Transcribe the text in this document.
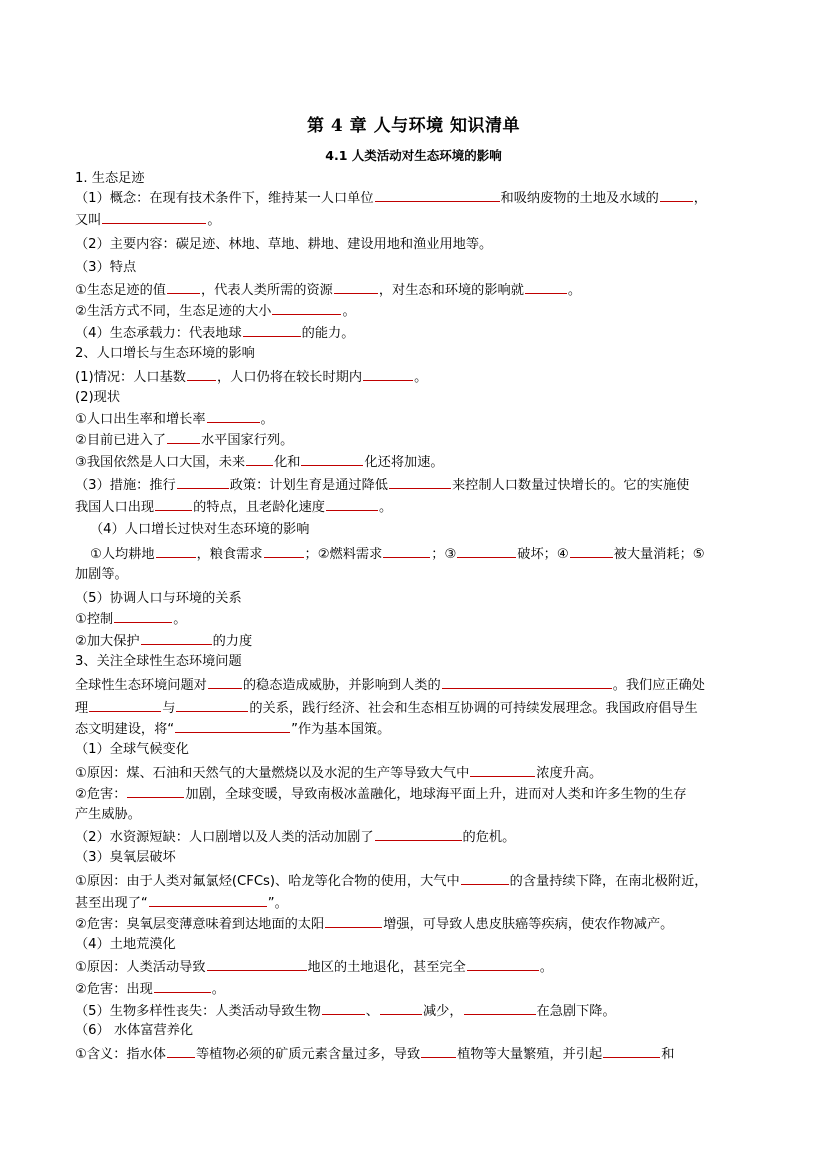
第 4 章 人与环境 知识清单
4.1 人类活动对生态环境的影响
1. 生态足迹
（1）概念：在现有技术条件下，维持某一人口单位	和吸纳废物的土地及水域的	，
又叫	。
（2）主要内容：碳足迹、林地、草地、耕地、建设用地和渔业用地等。
（3）特点
①生态足迹的值	，代表人类所需的资源	，对生态和环境的影响就	。
②生活方式不同，生态足迹的大小	。
（4）生态承载力：代表地球	的能力。
2、人口增长与生态环境的影响
(1)情况：人口基数 ，人口仍将在较长时期内	。
(2)现状
①人口出生率和增长率	。
②目前已进入了	水平国家行列。
③我国依然是人口大国，未来 化和	化还将加速。
（3）措施：推行	政策：计划生育是通过降低	来控制人口数量过快增长的。它的实施使
我国人口出现	的特点，且老龄化速度	。
（4）人口增长过快对生态环境的影响
①人均耕地	，粮食需求	；②燃料需求	；③	破坏；④	被大量消耗；⑤
加剧等。
（5）协调人口与环境的关系
①控制	。
②加大保护	的力度
3、关注全球性生态环境问题
全球性生态环境问题对	的稳态造成威胁，并影响到人类的	。我们应正确处
理	与	的关系，践行经济、社会和生态相互协调的可持续发展理念。我国政府倡导生
态文明建设，将“	”作为基本国策。
（1）全球气候变化
①原因：煤、石油和天然气的大量燃烧以及水泥的生产等导致大气中	浓度升高。
②危害：	加剧，全球变暖，导致南极冰盖融化，地球海平面上升，进而对人类和许多生物的生存
产生威胁。
（2）水资源短缺：人口剧增以及人类的活动加剧了	的危机。
（3）臭氧层破坏
①原因：由于人类对氟氯烃(CFCs)、哈龙等化合物的使用，大气中	的含量持续下降，在南北极附近，
甚至出现了“	”。
②危害：臭氧层变薄意味着到达地面的太阳	增强，可导致人患皮肤癌等疾病，使农作物减产。
（4）土地荒漠化
①原因：人类活动导致	地区的土地退化，甚至完全	。
②危害：出现	。
（5）生物多样性丧失：人类活动导致生物	、	减少，	在急剧下降。
（6） 水体富营养化
①含义：指水体 等植物必须的矿质元素含量过多，导致	植物等大量繁殖，并引起	和
